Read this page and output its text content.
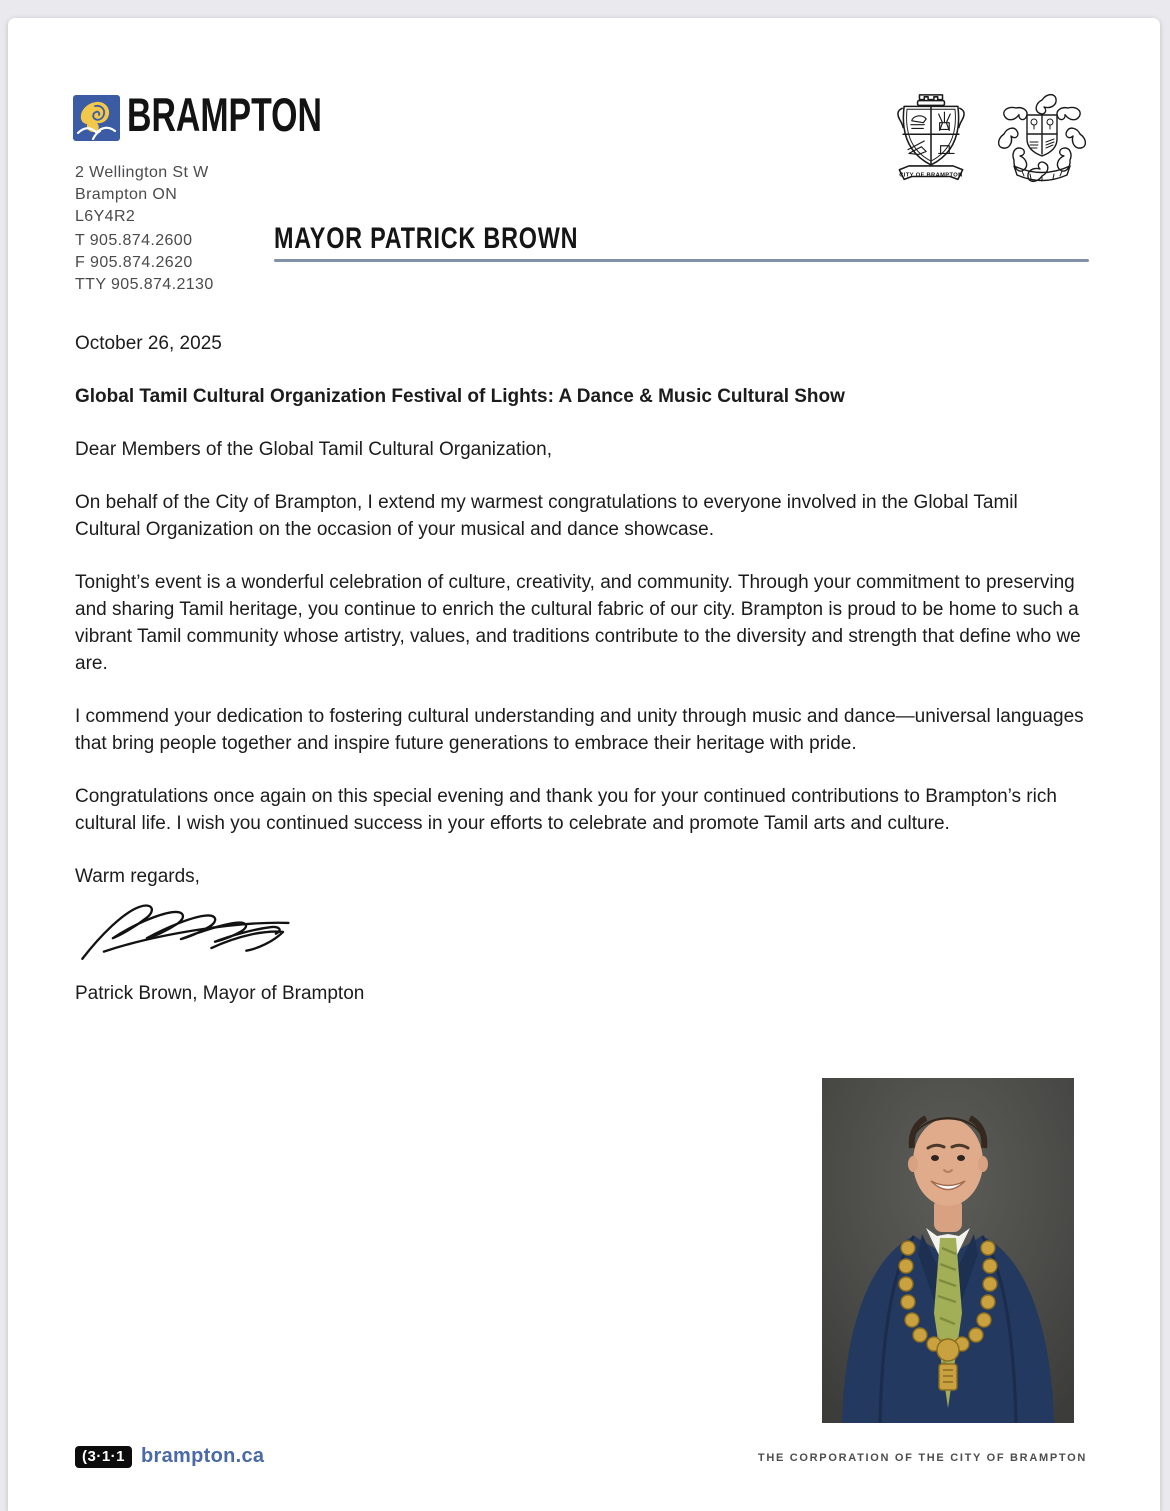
BRAMPTON
2 Wellington St W
Brampton ON
L6Y4R2
T 905.874.2600
F 905.874.2620
TTY 905.874.2130
MAYOR PATRICK BROWN
CITY OF BRAMPTON

October 26, 2025

Global Tamil Cultural Organization Festival of Lights: A Dance & Music Cultural Show

Dear Members of the Global Tamil Cultural Organization,

On behalf of the City of Brampton, I extend my warmest congratulations to everyone involved in the Global Tamil Cultural Organization on the occasion of your musical and dance showcase.

Tonight’s event is a wonderful celebration of culture, creativity, and community. Through your commitment to preserving and sharing Tamil heritage, you continue to enrich the cultural fabric of our city. Brampton is proud to be home to such a vibrant Tamil community whose artistry, values, and traditions contribute to the diversity and strength that define who we are.

I commend your dedication to fostering cultural understanding and unity through music and dance—universal languages that bring people together and inspire future generations to embrace their heritage with pride.

Congratulations once again on this special evening and thank you for your continued contributions to Brampton’s rich cultural life. I wish you continued success in your efforts to celebrate and promote Tamil arts and culture.

Warm regards,

Patrick Brown, Mayor of Brampton

(3·1·1 brampton.ca	THE CORPORATION OF THE CITY OF BRAMPTON
